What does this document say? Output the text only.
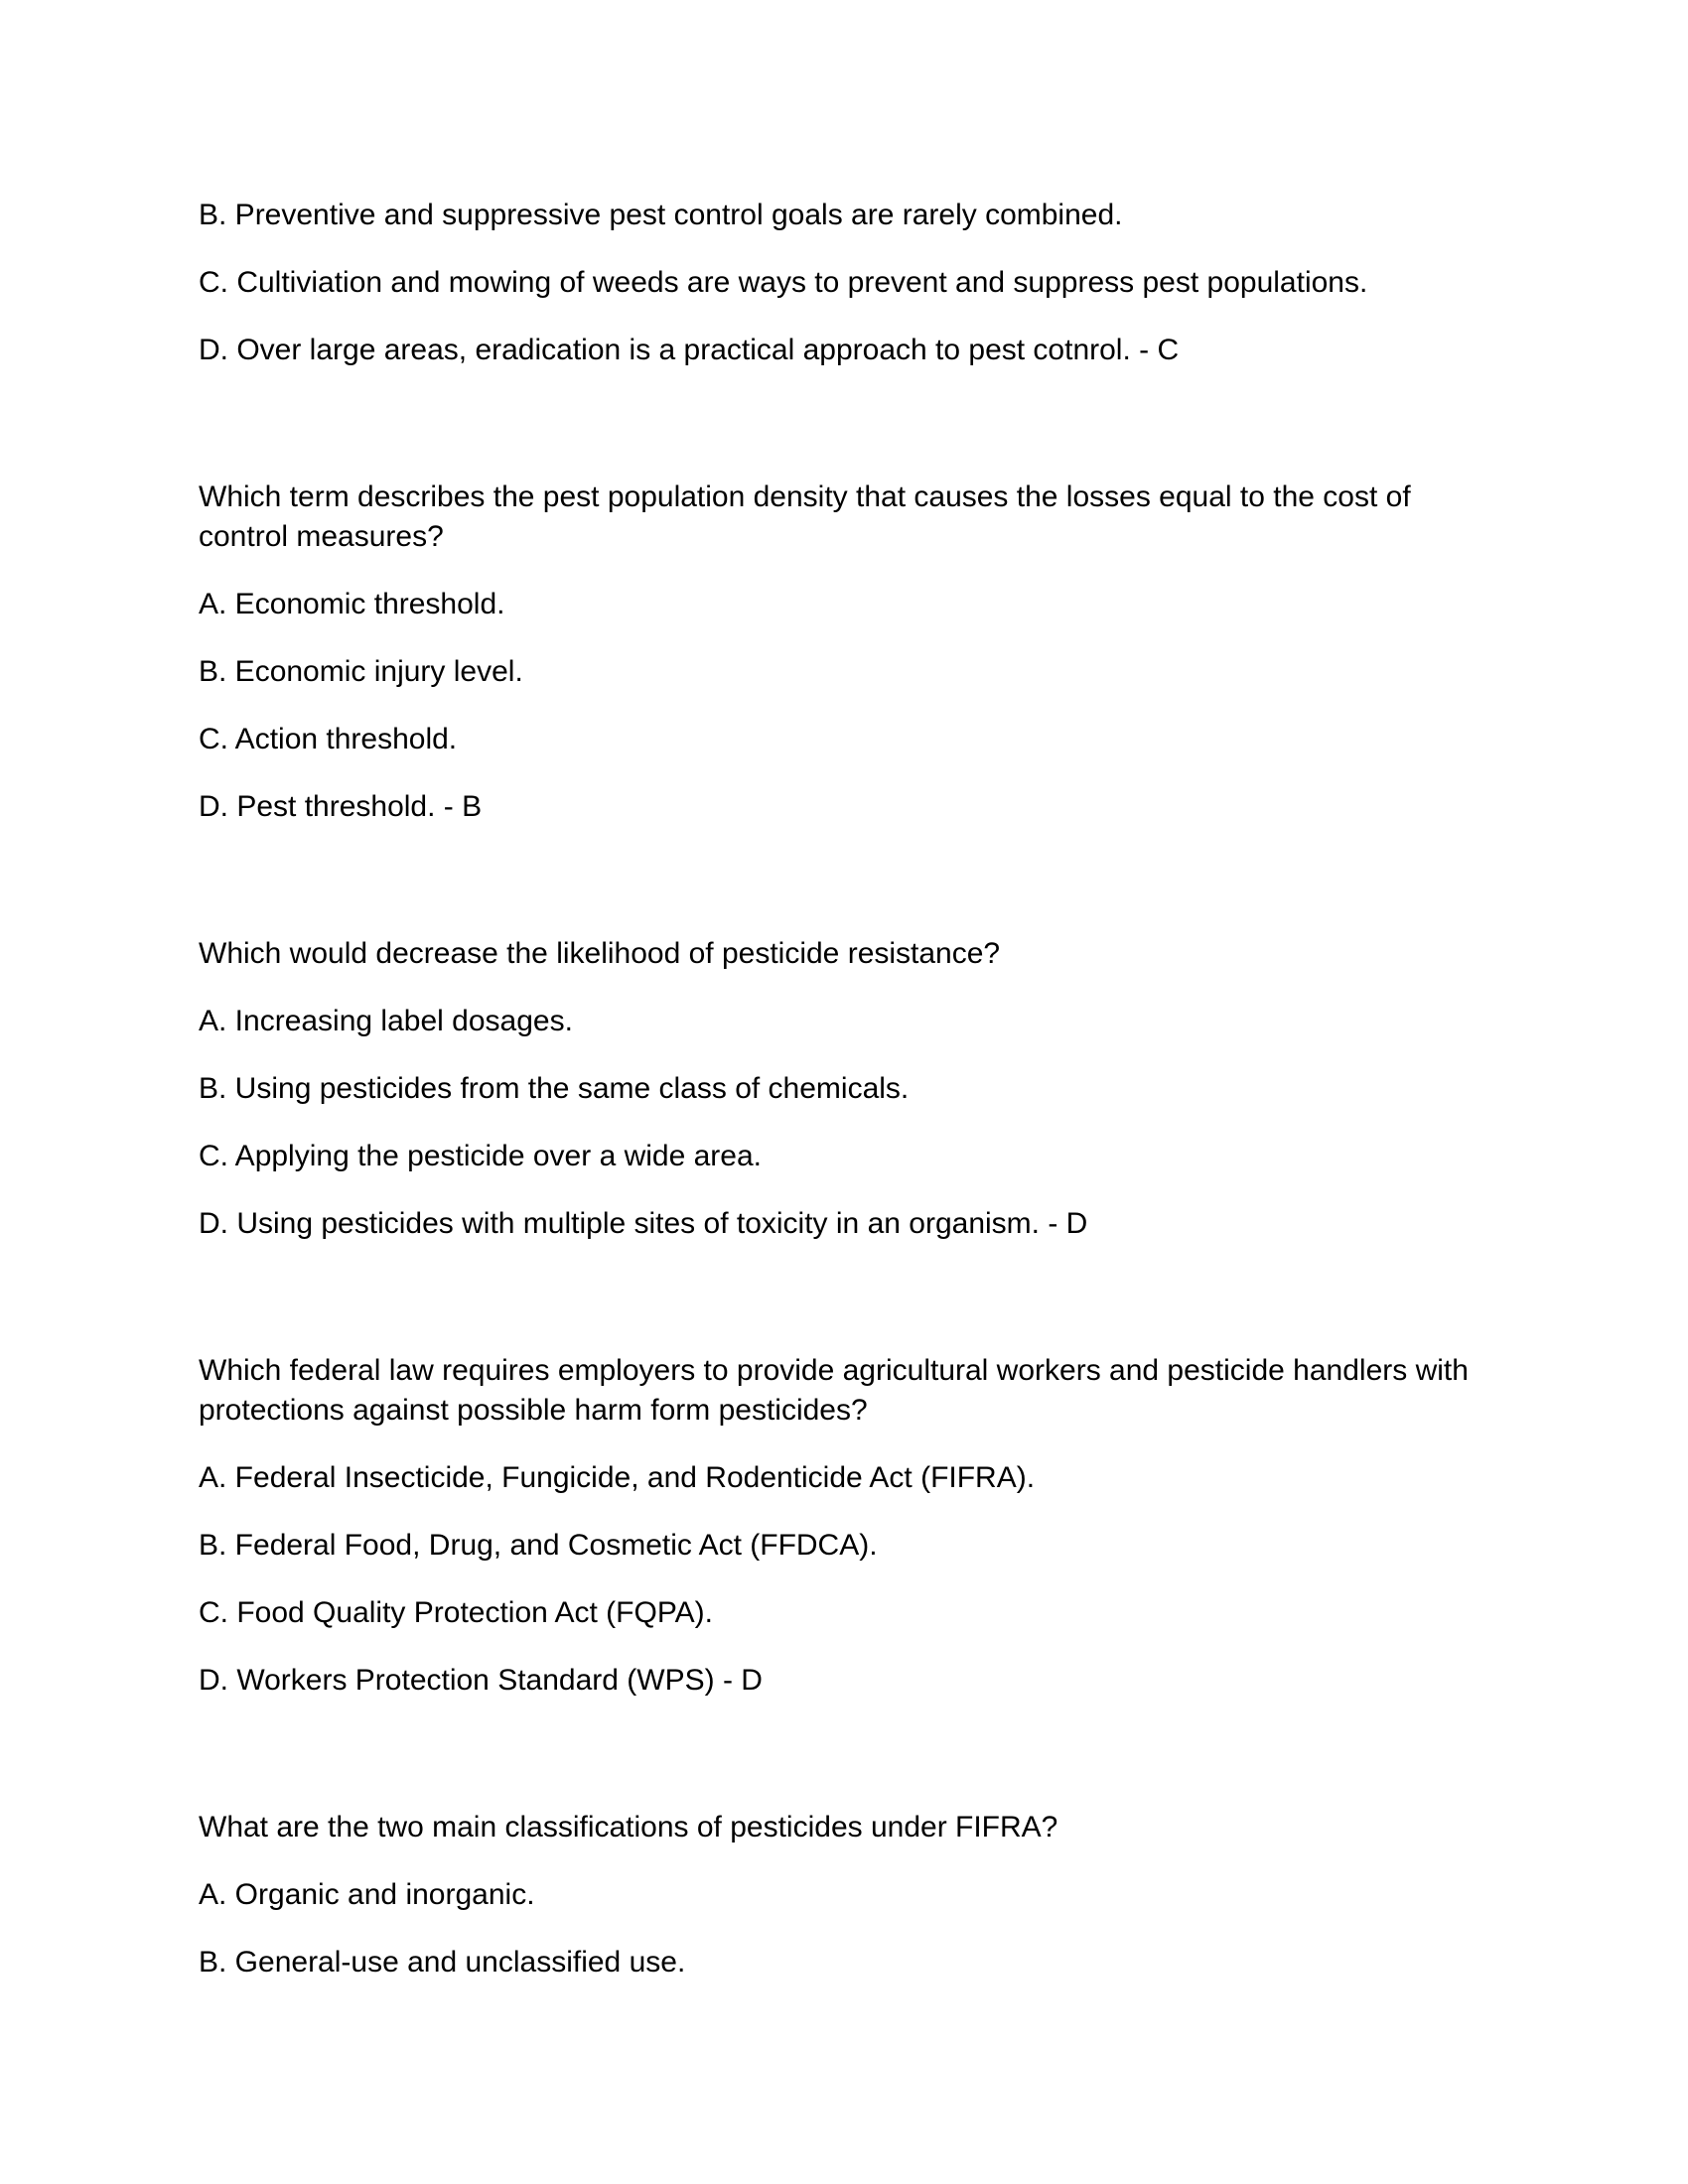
B. Preventive and suppressive pest control goals are rarely combined.
C. Cultiviation and mowing of weeds are ways to prevent and suppress pest populations.
D. Over large areas, eradication is a practical approach to pest cotnrol. - C
Which term describes the pest population density that causes the losses equal to the cost of control measures?
A. Economic threshold.
B. Economic injury level.
C. Action threshold.
D. Pest threshold. - B
Which would decrease the likelihood of pesticide resistance?
A. Increasing label dosages.
B. Using pesticides from the same class of chemicals.
C. Applying the pesticide over a wide area.
D. Using pesticides with multiple sites of toxicity in an organism. - D
Which federal law requires employers to provide agricultural workers and pesticide handlers with protections against possible harm form pesticides?
A. Federal Insecticide, Fungicide, and Rodenticide Act (FIFRA).
B. Federal Food, Drug, and Cosmetic Act (FFDCA).
C. Food Quality Protection Act (FQPA).
D. Workers Protection Standard (WPS) - D
What are the two main classifications of pesticides under FIFRA?
A. Organic and inorganic.
B. General-use and unclassified use.
